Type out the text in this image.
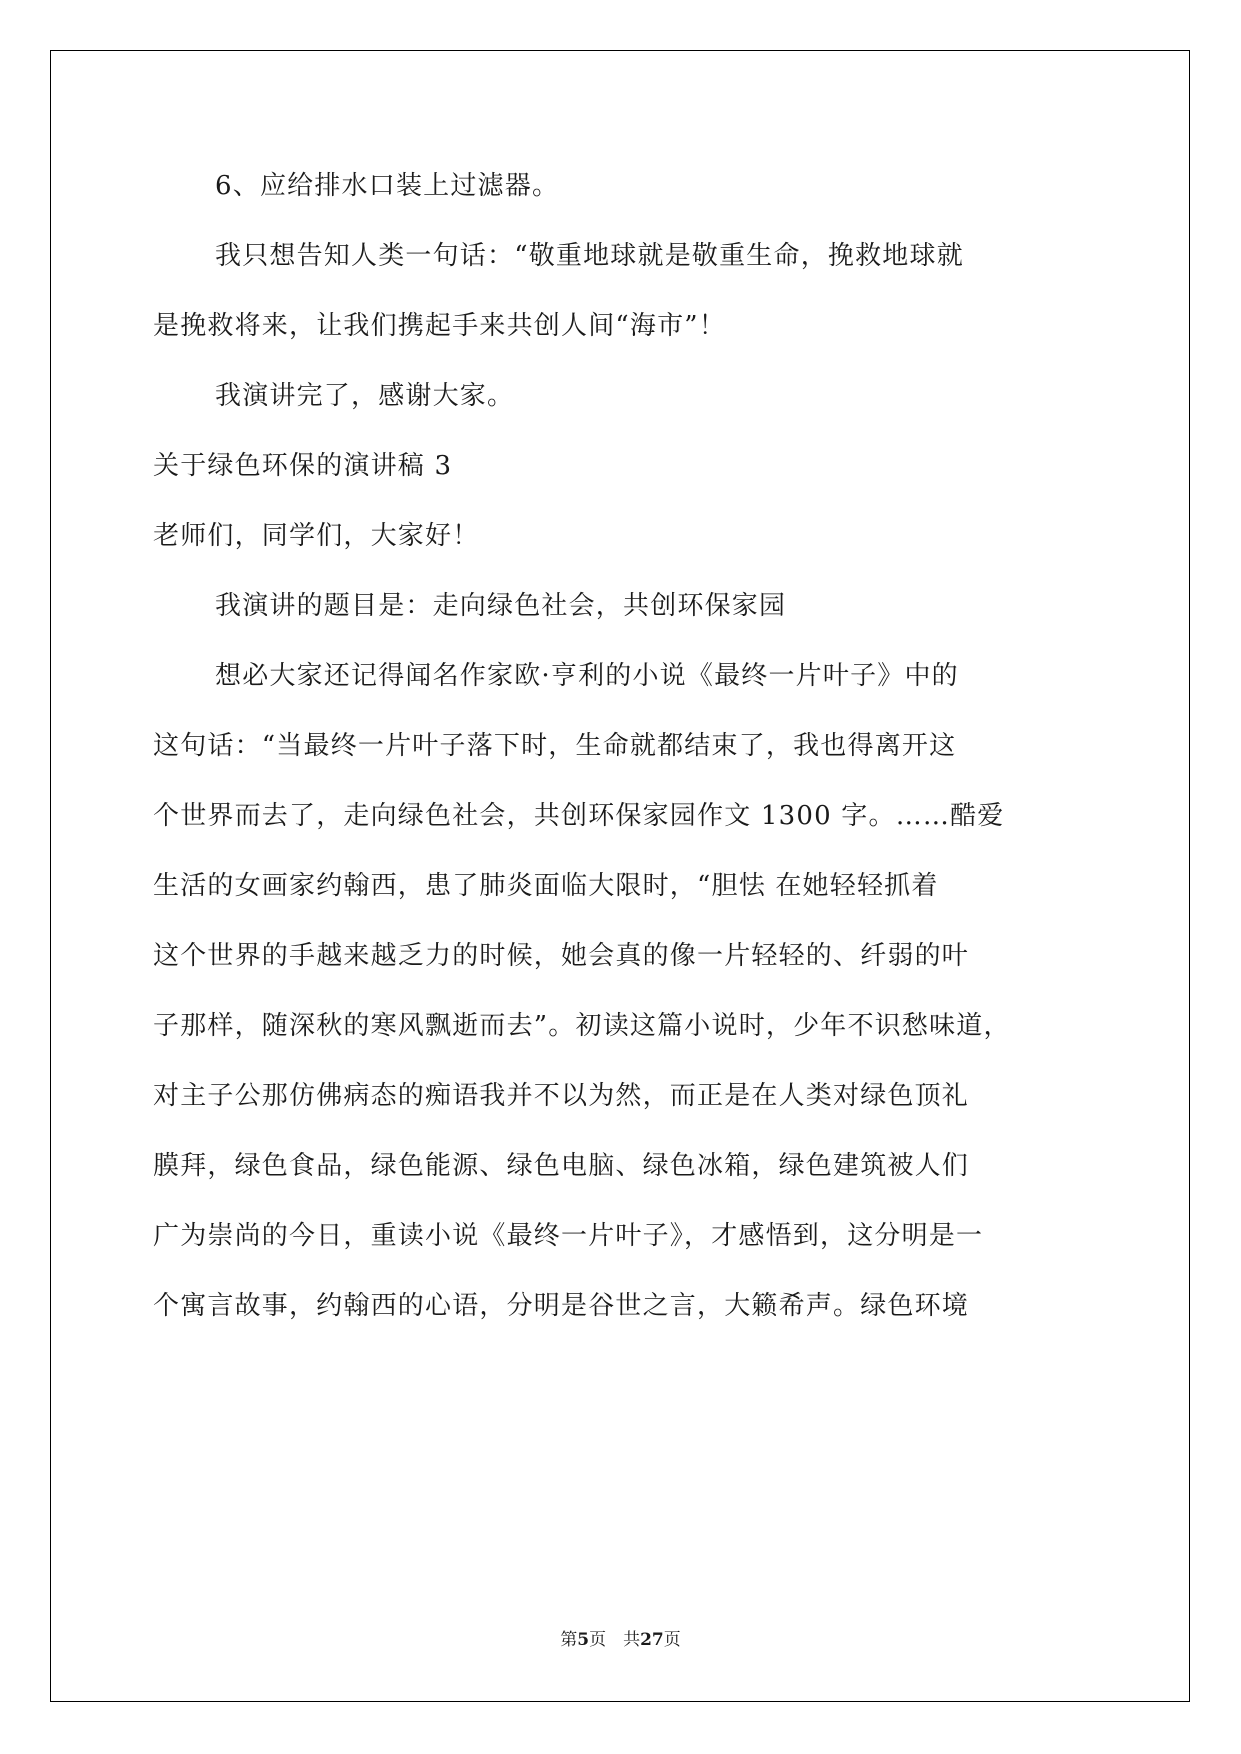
6、应给排水口装上过滤器。
我只想告知人类一句话：“敬重地球就是敬重生命，挽救地球就
是挽救将来，让我们携起手来共创人间“海市”！
我演讲完了，感谢大家。
关于绿色环保的演讲稿 3
老师们，同学们，大家好！
我演讲的题目是：走向绿色社会，共创环保家园
想必大家还记得闻名作家欧·亨利的小说《最终一片叶子》中的
这句话：“当最终一片叶子落下时，生命就都结束了，我也得离开这
个世界而去了，走向绿色社会，共创环保家园作文 1300 字。……酷爱
生活的女画家约翰西，患了肺炎面临大限时，“胆怯 在她轻轻抓着
这个世界的手越来越乏力的时候，她会真的像一片轻轻的、纤弱的叶
子那样，随深秋的寒风飘逝而去”。初读这篇小说时，少年不识愁味道，
对主子公那仿佛病态的痴语我并不以为然，而正是在人类对绿色顶礼
膜拜，绿色食品，绿色能源、绿色电脑、绿色冰箱，绿色建筑被人们
广为崇尚的今日，重读小说《最终一片叶子》，才感悟到，这分明是一
个寓言故事，约翰西的心语，分明是谷世之言，大籁希声。绿色环境
第5页　共27页
